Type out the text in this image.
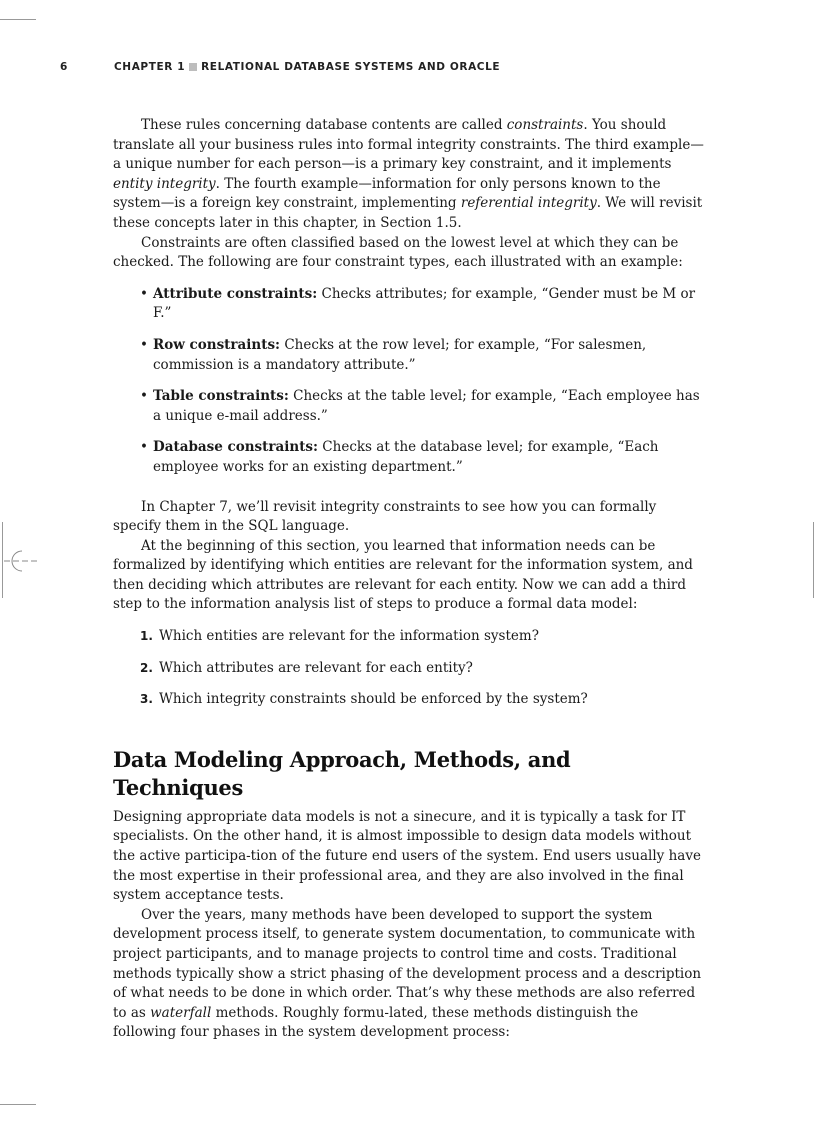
6	CHAPTER 1 RELATIONAL DATABASE SYSTEMS AND ORACLE

These rules concerning database contents are called constraints. You should translate all your business rules into formal integrity constraints. The third example—a unique number for each person—is a primary key constraint, and it implements entity integrity. The fourth example—information for only persons known to the system—is a foreign key constraint, implementing referential integrity. We will revisit these concepts later in this chapter, in Section 1.5.

Constraints are often classified based on the lowest level at which they can be checked. The following are four constraint types, each illustrated with an example:

• Attribute constraints: Checks attributes; for example, “Gender must be M or F.”
• Row constraints: Checks at the row level; for example, “For salesmen, commission is a mandatory attribute.”
• Table constraints: Checks at the table level; for example, “Each employee has a unique e-mail address.”
• Database constraints: Checks at the database level; for example, “Each employee works for an existing department.”

In Chapter 7, we’ll revisit integrity constraints to see how you can formally specify them in the SQL language.

At the beginning of this section, you learned that information needs can be formalized by identifying which entities are relevant for the information system, and then deciding which attributes are relevant for each entity. Now we can add a third step to the information analysis list of steps to produce a formal data model:

1. Which entities are relevant for the information system?
2. Which attributes are relevant for each entity?
3. Which integrity constraints should be enforced by the system?
Data Modeling Approach, Methods, and Techniques

Designing appropriate data models is not a sinecure, and it is typically a task for IT specialists. On the other hand, it is almost impossible to design data models without the active participa-tion of the future end users of the system. End users usually have the most expertise in their professional area, and they are also involved in the final system acceptance tests.

Over the years, many methods have been developed to support the system development process itself, to generate system documentation, to communicate with project participants, and to manage projects to control time and costs. Traditional methods typically show a strict phasing of the development process and a description of what needs to be done in which order. That’s why these methods are also referred to as waterfall methods. Roughly formu-lated, these methods distinguish the following four phases in the system development process:
